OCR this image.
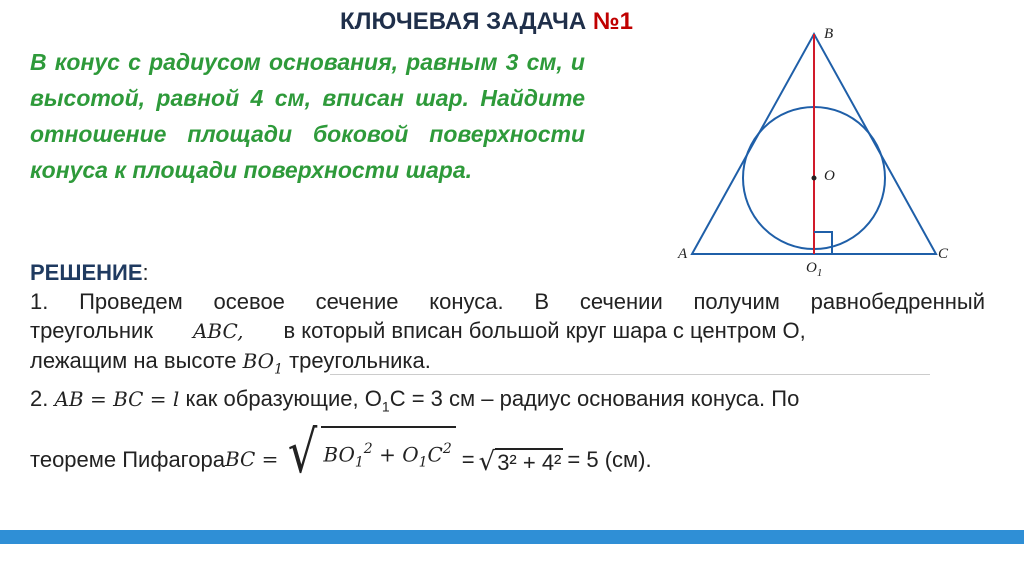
КЛЮЧЕВАЯ ЗАДАЧА №1
В конус с радиусом основания, равным 3 см, и высотой, равной 4 см, вписан шар. Найдите отношение площади боковой поверхности конуса к площади поверхности шара.
B
O
A	C
$O_1$
РЕШЕНИЕ:
1. Проведем осевое сечение конуса. В сечении получим равнобедренный
треугольник ABC, в который вписан большой круг шара с центром О,
лежащим на высоте $BO_1$ треугольника.
2. AB = BC = l как образующие, $O_1C = 3$ см – радиус основания конуса. По
теореме Пифагора BC = √ $BO_1^2 + O_1C^2$ = √ 3² + 4² = 5 (см).
